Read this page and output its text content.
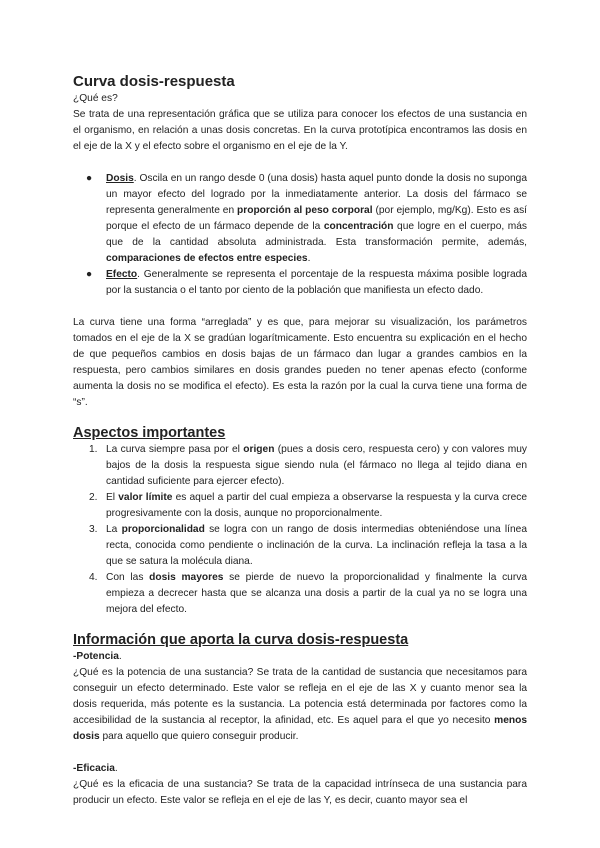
Curva dosis-respuesta

¿Qué es?

Se trata de una representación gráfica que se utiliza para conocer los efectos de una sustancia en el organismo, en relación a unas dosis concretas. En la curva prototípica encontramos las dosis en el eje de la X y el efecto sobre el organismo en el eje de la Y.

● Dosis. Oscila en un rango desde 0 (una dosis) hasta aquel punto donde la dosis no suponga un mayor efecto del logrado por la inmediatamente anterior. La dosis del fármaco se representa generalmente en proporción al peso corporal (por ejemplo, mg/Kg). Esto es así porque el efecto de un fármaco depende de la concentración que logre en el cuerpo, más que de la cantidad absoluta administrada. Esta transformación permite, además, comparaciones de efectos entre especies.
● Efecto. Generalmente se representa el porcentaje de la respuesta máxima posible lograda por la sustancia o el tanto por ciento de la población que manifiesta un efecto dado.

La curva tiene una forma “arreglada” y es que, para mejorar su visualización, los parámetros tomados en el eje de la X se gradúan logarítmicamente. Esto encuentra su explicación en el hecho de que pequeños cambios en dosis bajas de un fármaco dan lugar a grandes cambios en la respuesta, pero cambios similares en dosis grandes pueden no tener apenas efecto (conforme aumenta la dosis no se modifica el efecto). Es esta la razón por la cual la curva tiene una forma de “s”.

Aspectos importantes
1. La curva siempre pasa por el origen (pues a dosis cero, respuesta cero) y con valores muy bajos de la dosis la respuesta sigue siendo nula (el fármaco no llega al tejido diana en cantidad suficiente para ejercer efecto).
2. El valor límite es aquel a partir del cual empieza a observarse la respuesta y la curva crece progresivamente con la dosis, aunque no proporcionalmente.
3. La proporcionalidad se logra con un rango de dosis intermedias obteniéndose una línea recta, conocida como pendiente o inclinación de la curva. La inclinación refleja la tasa a la que se satura la molécula diana.
4. Con las dosis mayores se pierde de nuevo la proporcionalidad y finalmente la curva empieza a decrecer hasta que se alcanza una dosis a partir de la cual ya no se logra una mejora del efecto.
Información que aporta la curva dosis-respuesta

-Potencia.

¿Qué es la potencia de una sustancia? Se trata de la cantidad de sustancia que necesitamos para conseguir un efecto determinado. Este valor se refleja en el eje de las X y cuanto menor sea la dosis requerida, más potente es la sustancia. La potencia está determinada por factores como la accesibilidad de la sustancia al receptor, la afinidad, etc. Es aquel para el que yo necesito menos dosis para aquello que quiero conseguir producir.

-Eficacia.

¿Qué es la eficacia de una sustancia? Se trata de la capacidad intrínseca de una sustancia para producir un efecto. Este valor se refleja en el eje de las Y, es decir, cuanto mayor sea el
